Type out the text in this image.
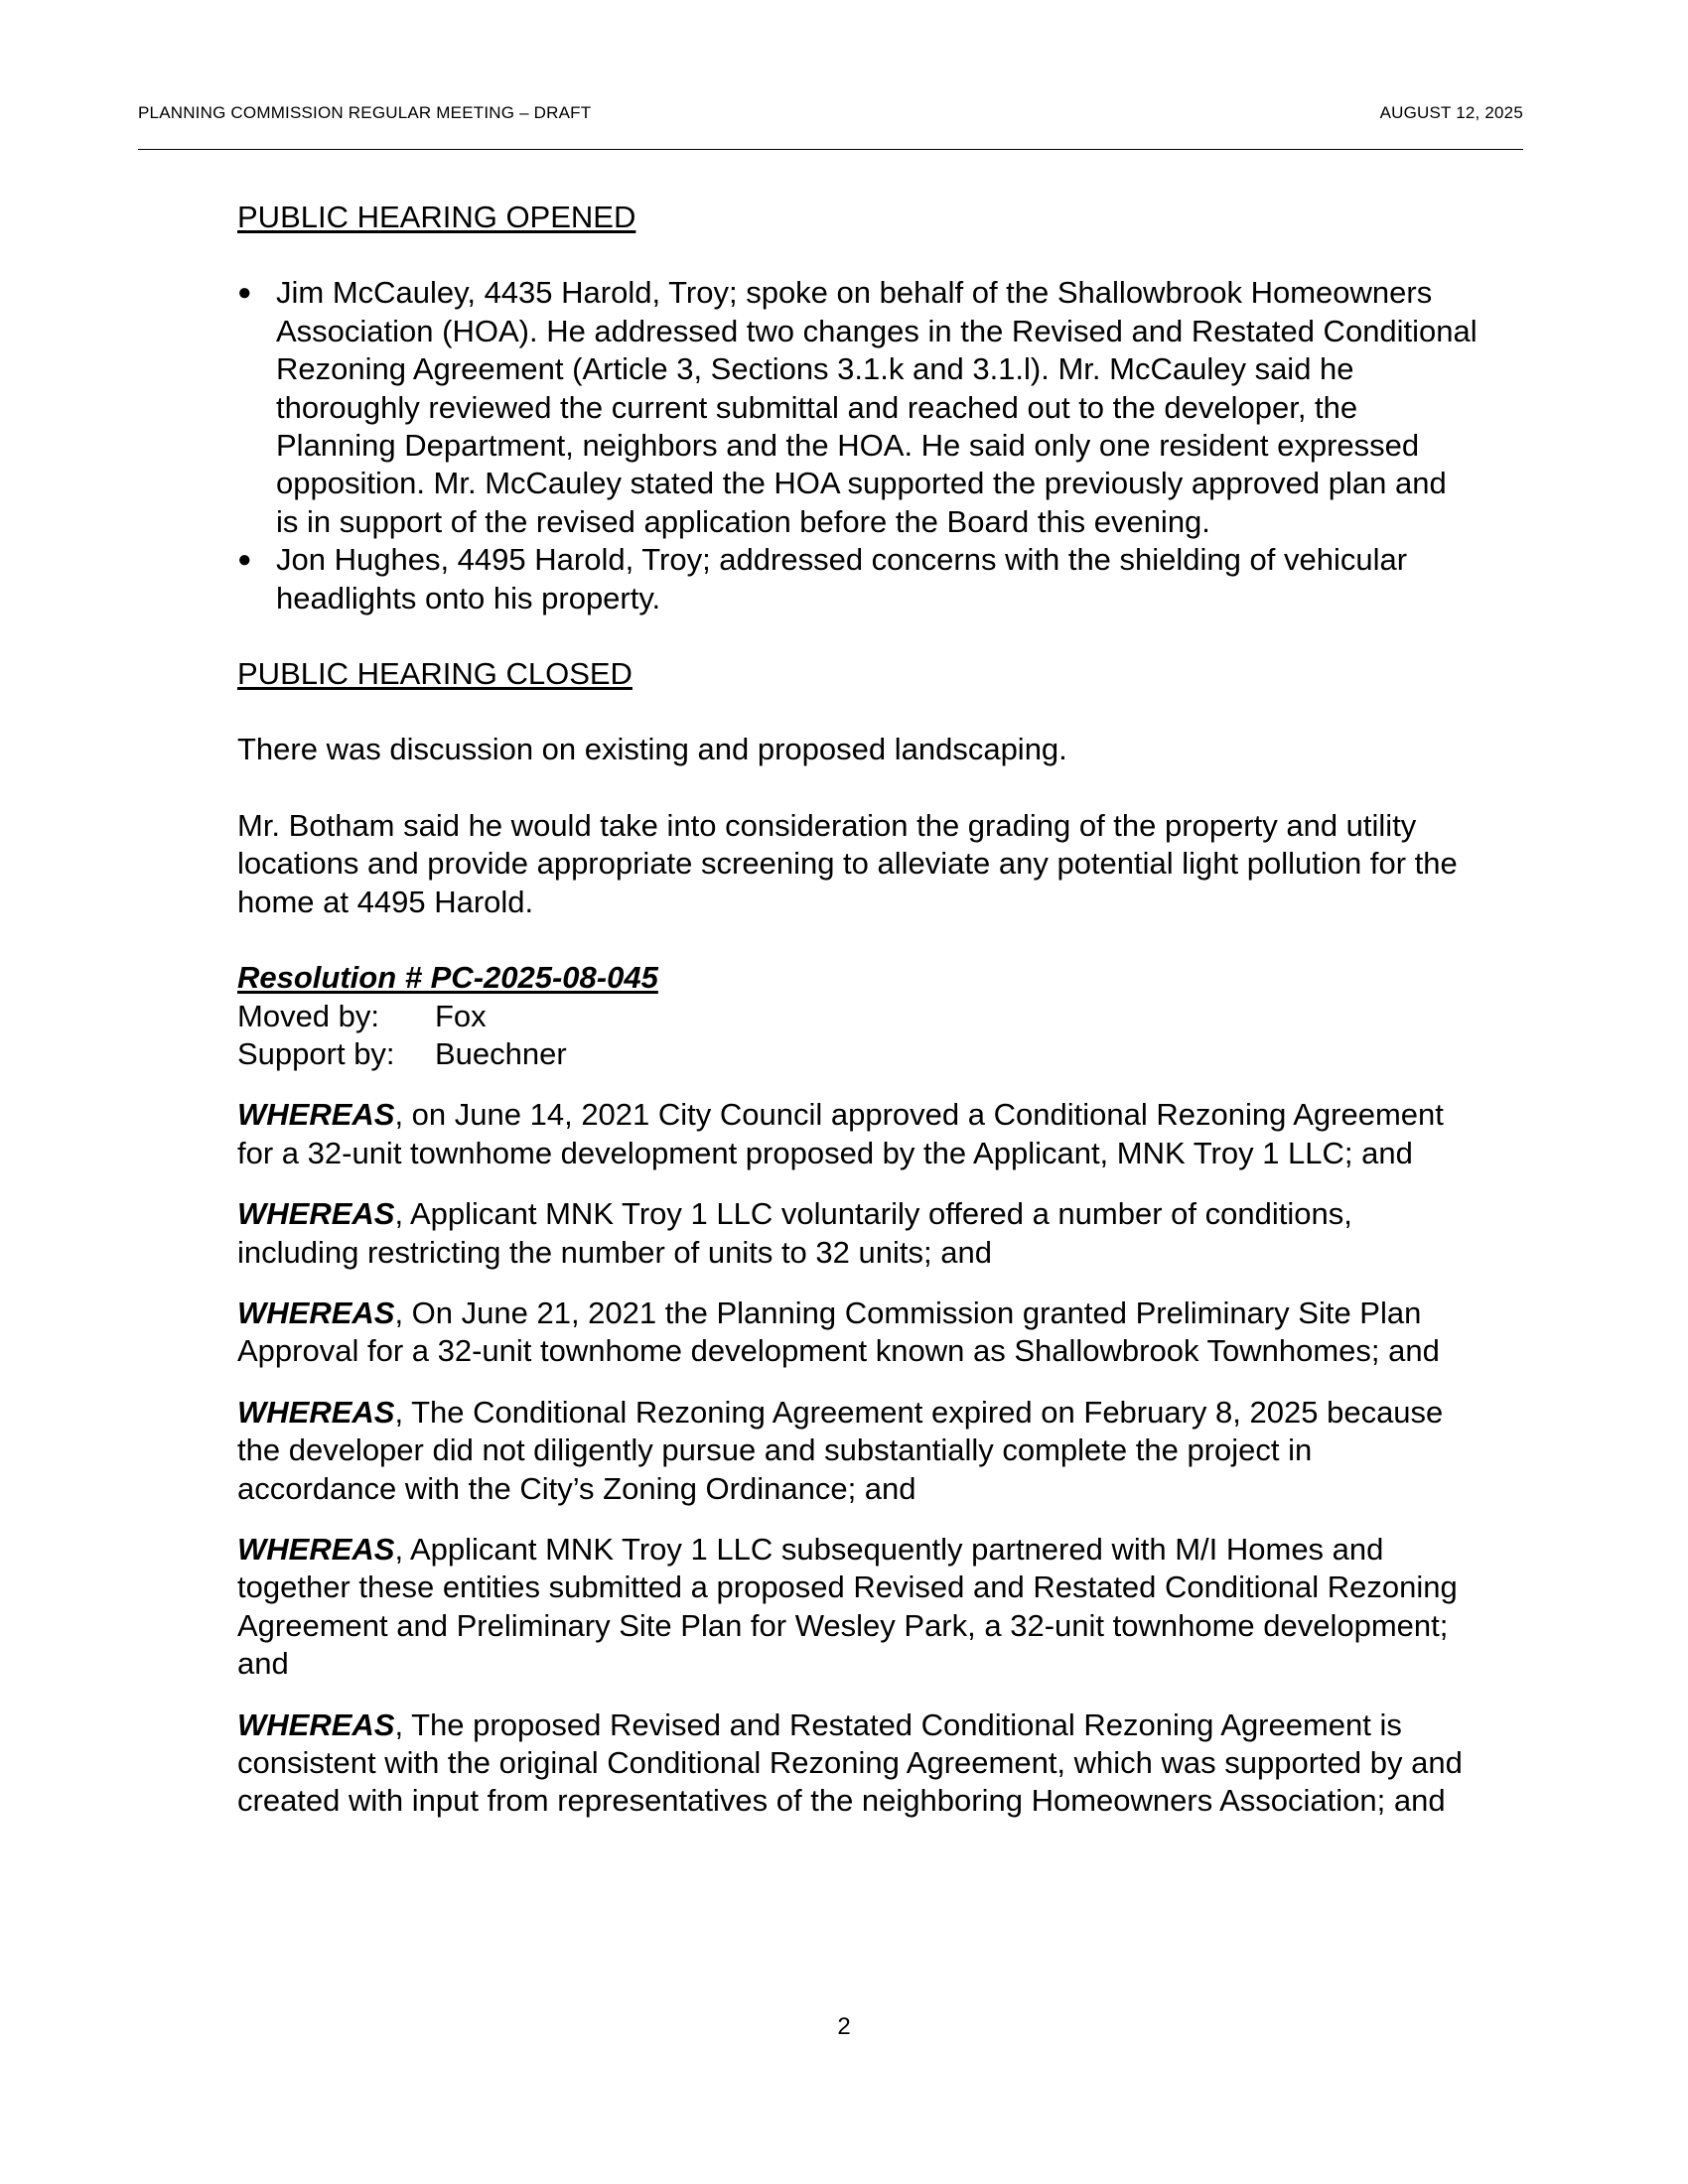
PLANNING COMMISSION REGULAR MEETING – DRAFT	AUGUST 12, 2025

PUBLIC HEARING OPENED

● Jim McCauley, 4435 Harold, Troy; spoke on behalf of the Shallowbrook Homeowners
Association (HOA). He addressed two changes in the Revised and Restated Conditional
Rezoning Agreement (Article 3, Sections 3.1.k and 3.1.l). Mr. McCauley said he
thoroughly reviewed the current submittal and reached out to the developer, the
Planning Department, neighbors and the HOA. He said only one resident expressed
opposition. Mr. McCauley stated the HOA supported the previously approved plan and
is in support of the revised application before the Board this evening.
● Jon Hughes, 4495 Harold, Troy; addressed concerns with the shielding of vehicular
headlights onto his property.

PUBLIC HEARING CLOSED

There was discussion on existing and proposed landscaping.

Mr. Botham said he would take into consideration the grading of the property and utility
locations and provide appropriate screening to alleviate any potential light pollution for the
home at 4495 Harold.
Resolution # PC-2025-08-045
Moved by:	Fox
Support by:	Buechner
WHEREAS, on June 14, 2021 City Council approved a Conditional Rezoning Agreement
for a 32-unit townhome development proposed by the Applicant, MNK Troy 1 LLC; and
WHEREAS, Applicant MNK Troy 1 LLC voluntarily offered a number of conditions,
including restricting the number of units to 32 units; and
WHEREAS, On June 21, 2021 the Planning Commission granted Preliminary Site Plan
Approval for a 32-unit townhome development known as Shallowbrook Townhomes; and
WHEREAS, The Conditional Rezoning Agreement expired on February 8, 2025 because
the developer did not diligently pursue and substantially complete the project in
accordance with the City’s Zoning Ordinance; and
WHEREAS, Applicant MNK Troy 1 LLC subsequently partnered with M/I Homes and
together these entities submitted a proposed Revised and Restated Conditional Rezoning
Agreement and Preliminary Site Plan for Wesley Park, a 32-unit townhome development;
and
WHEREAS, The proposed Revised and Restated Conditional Rezoning Agreement is
consistent with the original Conditional Rezoning Agreement, which was supported by and
created with input from representatives of the neighboring Homeowners Association; and
2
